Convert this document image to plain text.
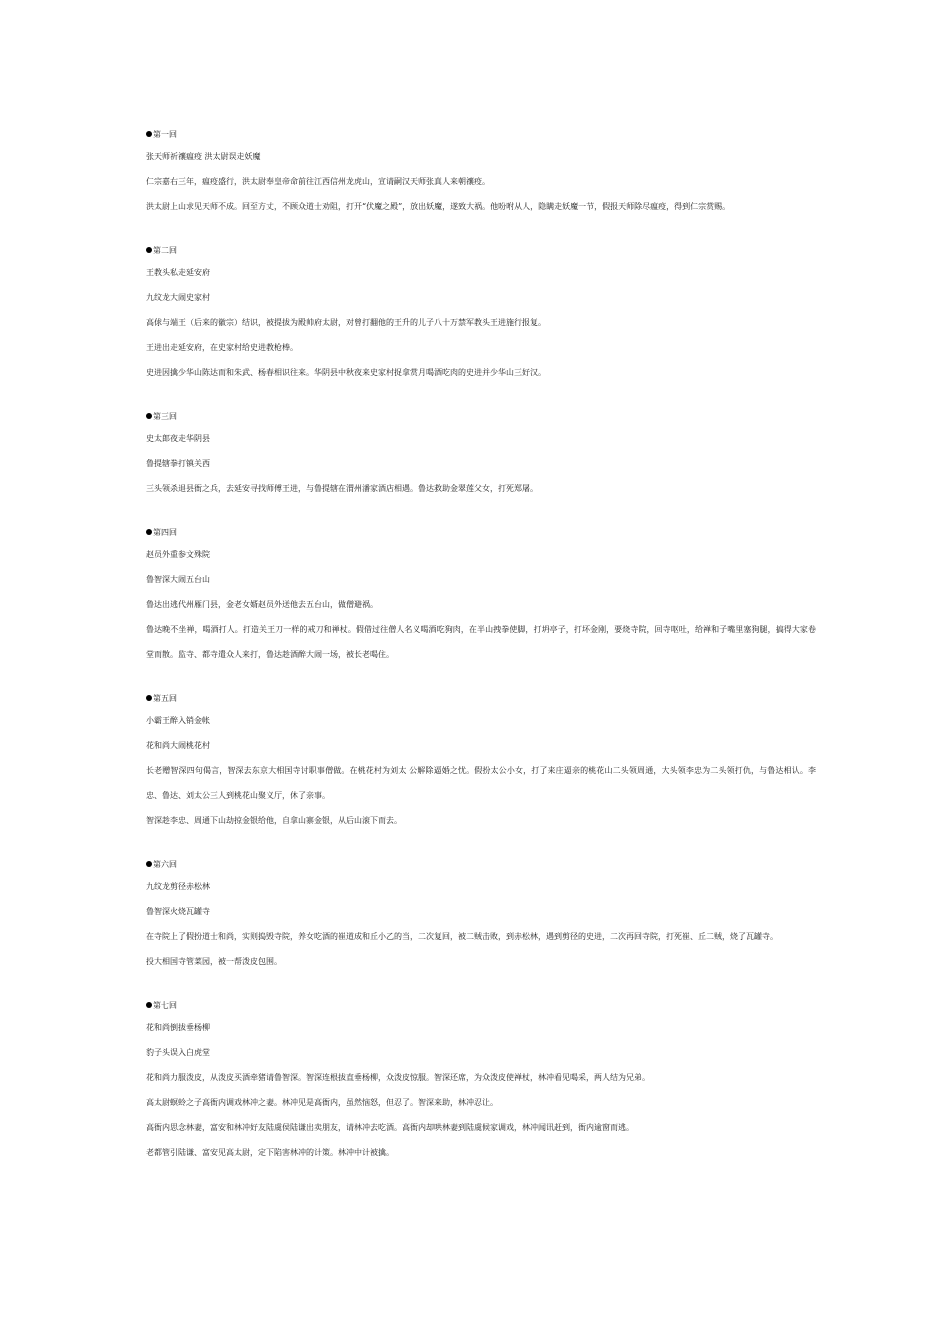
第一回
张天师祈禳瘟疫 洪太尉误走妖魔
仁宗嘉右三年，瘟疫盛行，洪太尉奉皇帝命前往江西信州龙虎山，宣请嗣汉天师张真人来朝禳疫。
洪太尉上山求见天师不成。回至方丈，不顾众道士劝阻，打开“伏魔之殿”，放出妖魔，遂致大祸。他吩咐从人，隐瞒走妖魔一节，假报天师除尽瘟疫，得到仁宗赏赐。
第二回
王教头私走延安府
九纹龙大闹史家村
高俅与端王（后来的徽宗）结识，被提拔为殿帅府太尉，对曾打翻他的王升的儿子八十万禁军教头王进施行报复。
王进出走延安府，在史家村给史进教枪棒。
史进因擒少华山陈达而和朱武、杨春相识往来。华阴县中秋夜来史家村捉拿赏月喝酒吃肉的史进并少华山三好汉。
第三回
史太郎夜走华阴县
鲁提辖拳打镇关西
三头领杀退县衙之兵，去延安寻找师傅王进，与鲁提辖在渭州潘家酒店相遇。鲁达救助金翠莲父女，打死郑屠。
第四回
赵员外重参文殊院
鲁智深大闹五台山
鲁达出逃代州雁门县，金老女婿赵员外送他去五台山，做僧避祸。
鲁达晚不坐禅，喝酒打人。打造关王刀一样的戒刀和禅杖。假借过往僧人名义喝酒吃狗肉，在半山拽拳使脚，打坍亭子，打坏金刚，要烧寺院，回寺呕吐，给禅和子嘴里塞狗腿，搞得大家卷堂而散。监寺、都寺遣众人来打，鲁达趁酒醉大闹一场，被长老喝住。
第五回
小霸王醉入销金帐
花和尚大闹桃花村
长老赠智深四句偈言，智深去东京大相国寺讨职事僧做。在桃花村为刘太 公解除逼婚之忧。假扮太公小女，打了来庄逼亲的桃花山二头领周通，大头领李忠为二头领打仇，与鲁达相认。李忠、鲁达、刘太公三人到桃花山聚义厅，休了亲事。
智深趁李忠、周通下山劫掠金银给他，自拿山寨金银，从后山滚下而去。
第六回
九纹龙剪径赤松林
鲁智深火烧瓦罐寺
在寺院上了假扮道士和尚，实则捣毁寺院，养女吃酒的崔道成和丘小乙的当，二次复回，被二贼击败，到赤松林，遇到剪径的史进，二次再回寺院，打死崔、丘二贼，烧了瓦罐寺。
投大相国寺管菜园，被一帮泼皮包围。
第七回
花和尚倒拔垂杨柳
豹子头误入白虎堂
花和尚力服泼皮，从泼皮买酒牵猪请鲁智深。智深连根拔直垂杨柳，众泼皮惊服。智深还席，为众泼皮使禅杖，林冲看见喝采，两人结为兄弟。
高太尉螟蛉之子高衙内调戏林冲之妻。林冲见是高衙内，虽然恼怒，但忍了。智深来助，林冲忍让。
高衙内思念林妻，富安和林冲好友陆虞侯陆谦出卖朋友，请林冲去吃酒。高衙内却哄林妻到陆虞候家调戏，林冲闻讯赶到，衙内逾窗而逃。
老都管引陆谦、富安见高太尉，定下陷害林冲的计策。林冲中计被擒。
